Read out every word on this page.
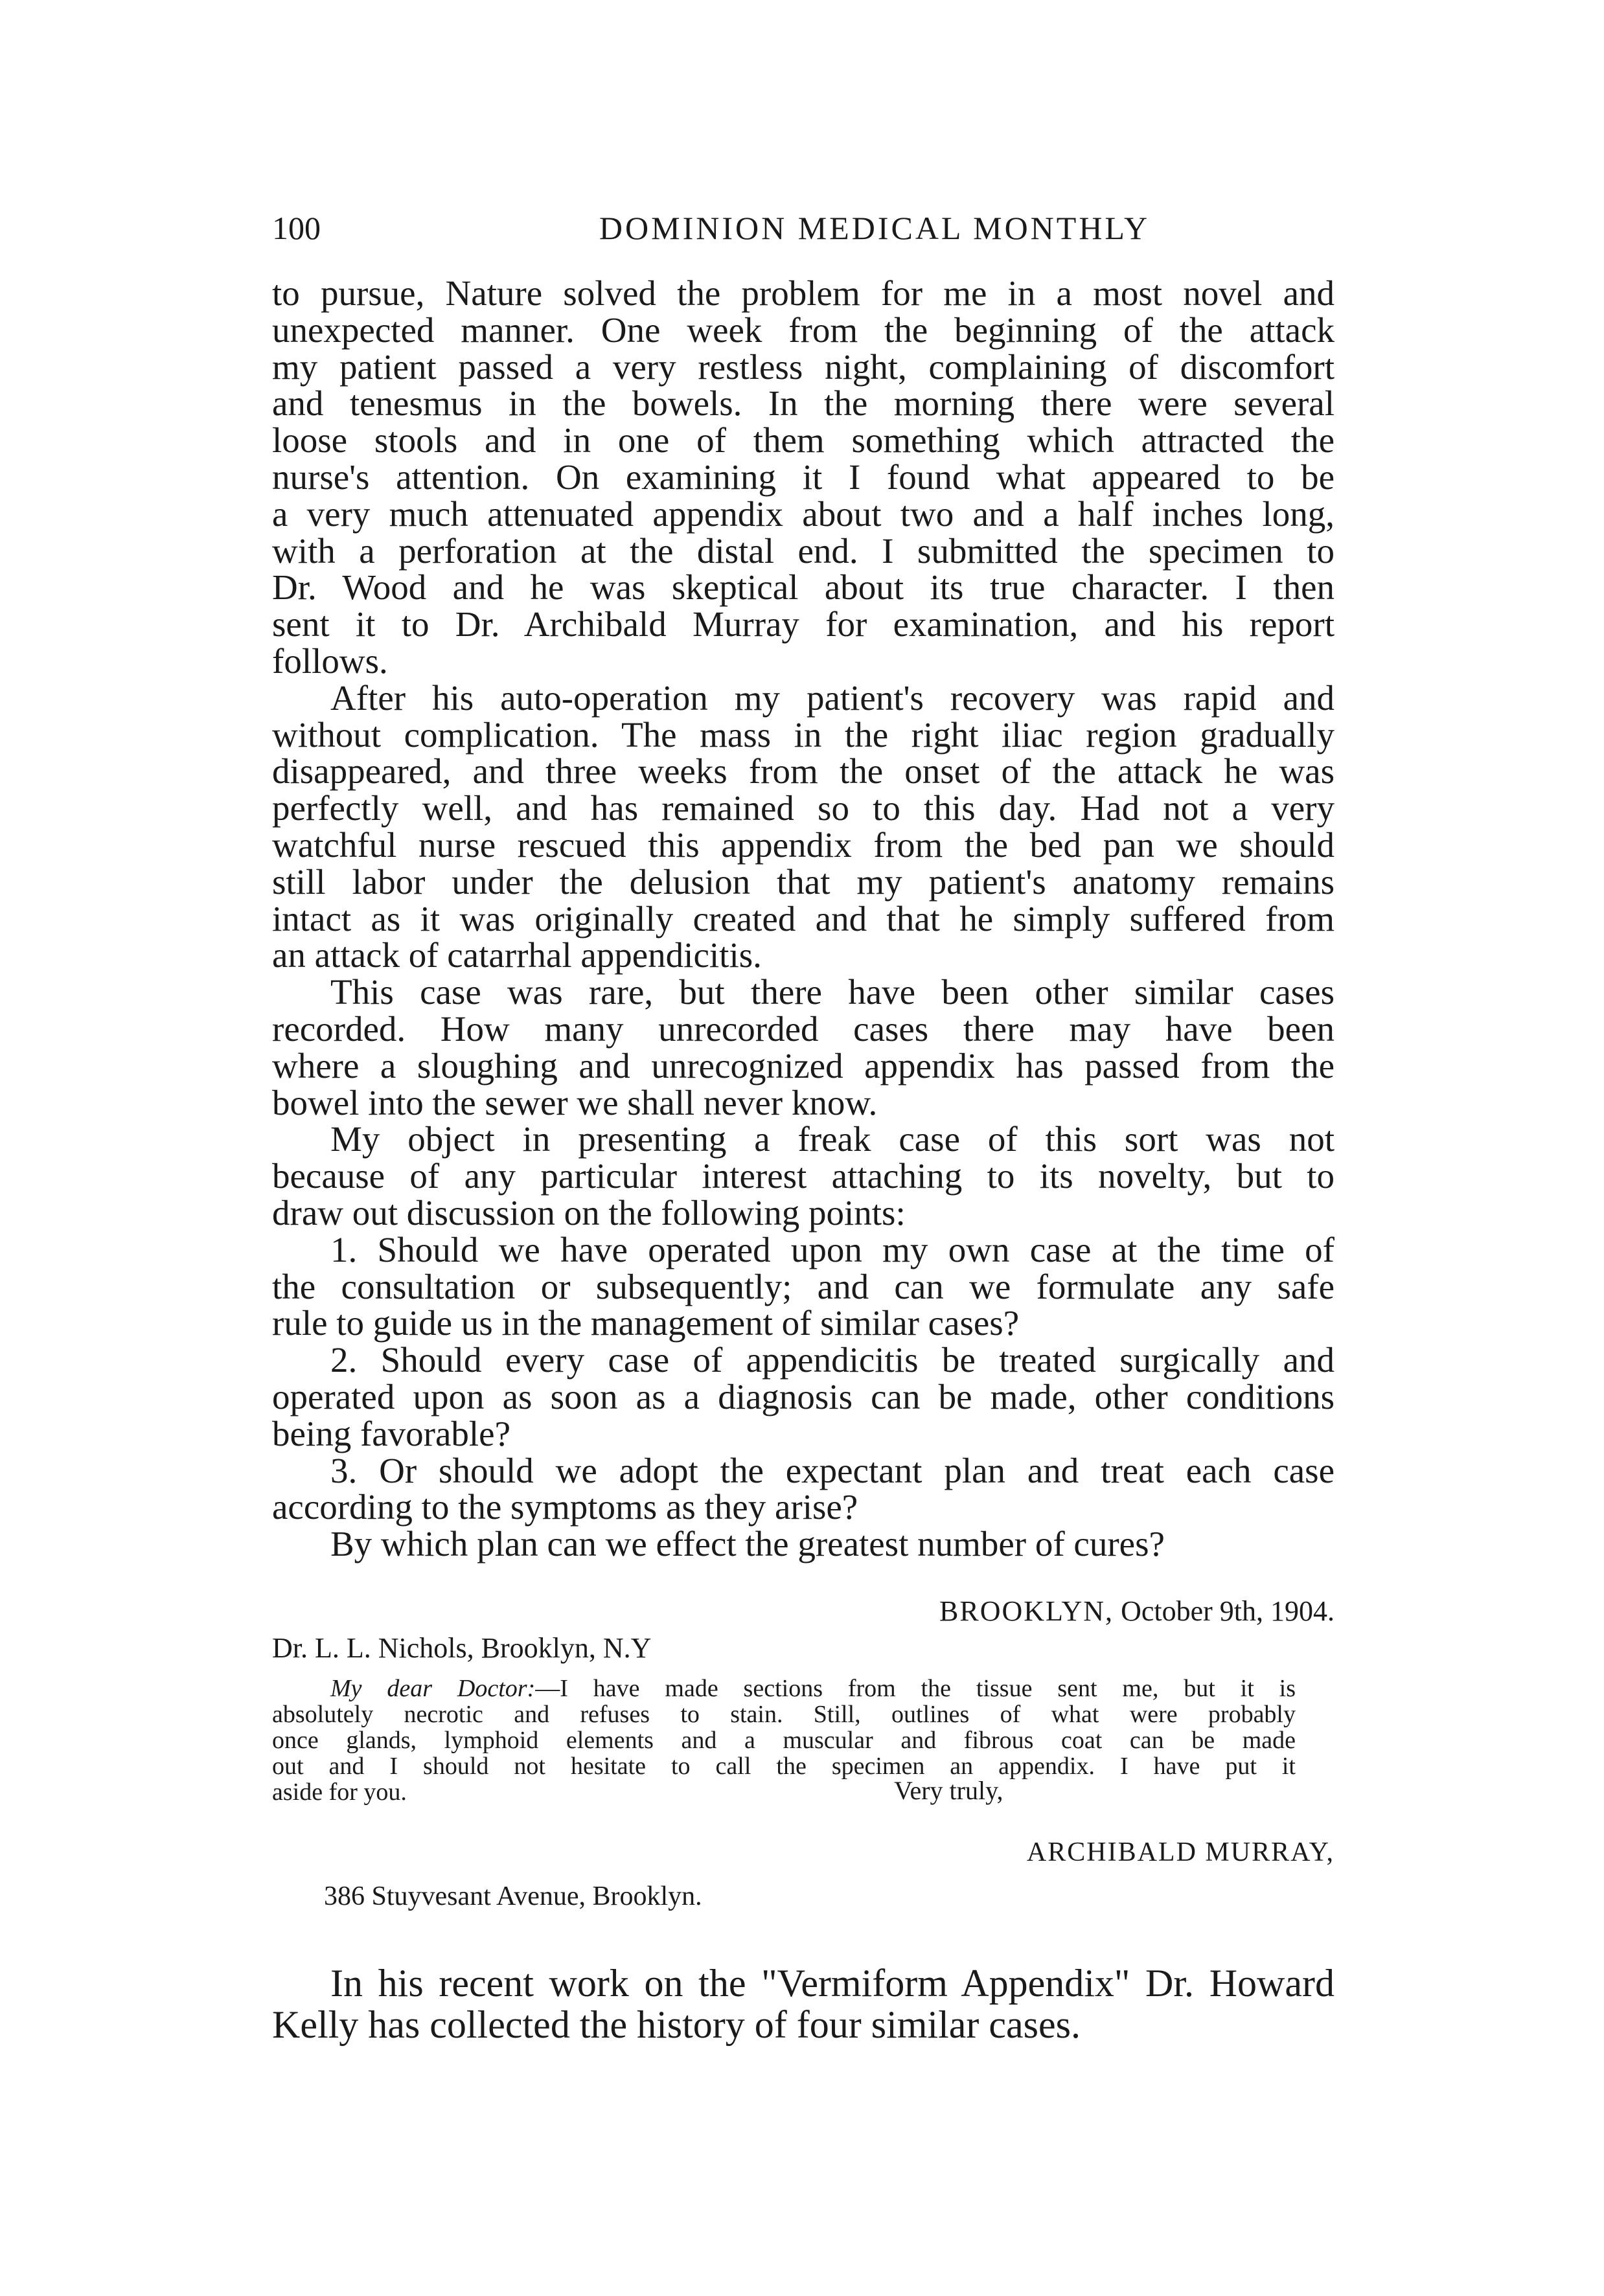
100	DOMINION MEDICAL MONTHLY
to pursue, Nature solved the problem for me in a most novel and
unexpected manner. One week from the beginning of the attack
my patient passed a very restless night, complaining of discomfort
and tenesmus in the bowels. In the morning there were several
loose stools and in one of them something which attracted the
nurse's attention. On examining it I found what appeared to be
a very much attenuated appendix about two and a half inches long,
with a perforation at the distal end. I submitted the specimen to
Dr. Wood and he was skeptical about its true character. I then
sent it to Dr. Archibald Murray for examination, and his report
follows.
After his auto-operation my patient's recovery was rapid and
without complication. The mass in the right iliac region gradually
disappeared, and three weeks from the onset of the attack he was
perfectly well, and has remained so to this day. Had not a very
watchful nurse rescued this appendix from the bed pan we should
still labor under the delusion that my patient's anatomy remains
intact as it was originally created and that he simply suffered from
an attack of catarrhal appendicitis.
This case was rare, but there have been other similar cases
recorded. How many unrecorded cases there may have been
where a sloughing and unrecognized appendix has passed from the
bowel into the sewer we shall never know.
My object in presenting a freak case of this sort was not
because of any particular interest attaching to its novelty, but to
draw out discussion on the following points:
1. Should we have operated upon my own case at the time of
the consultation or subsequently; and can we formulate any safe
rule to guide us in the management of similar cases?
2. Should every case of appendicitis be treated surgically and
operated upon as soon as a diagnosis can be made, other conditions
being favorable?
3. Or should we adopt the expectant plan and treat each case
according to the symptoms as they arise?
By which plan can we effect the greatest number of cures?
BROOKLYN, October 9th, 1904.
Dr. L. L. Nichols, Brooklyn, N.Y
My dear Doctor:—I have made sections from the tissue sent me, but it is
absolutely necrotic and refuses to stain. Still, outlines of what were probably
once glands, lymphoid elements and a muscular and fibrous coat can be made
out and I should not hesitate to call the specimen an appendix. I have put it
aside for you.	Very truly,
ARCHIBALD MURRAY,
386 Stuyvesant Avenue, Brooklyn.
In his recent work on the "Vermiform Appendix" Dr. Howard
Kelly has collected the history of four similar cases.
